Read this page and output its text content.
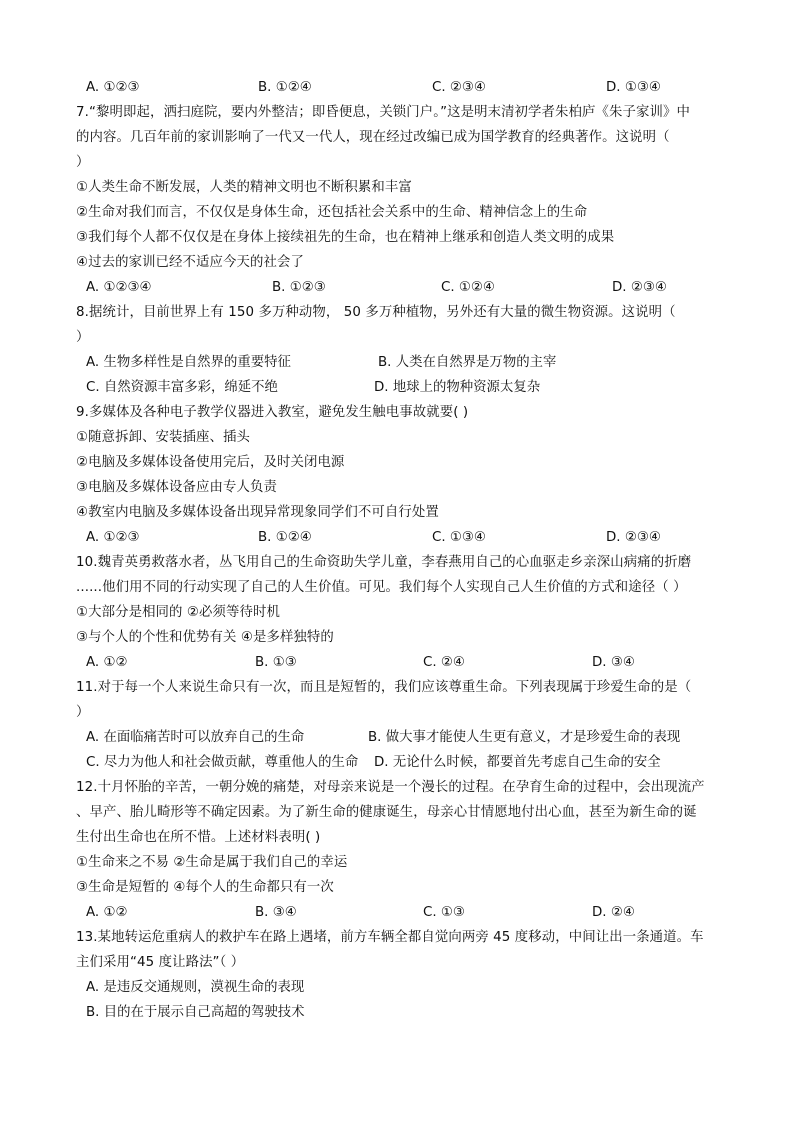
A. ①②③	B. ①②④	C. ②③④	D. ①③④
7.“黎明即起，洒扫庭院，要内外整洁；即昏便息，关锁门户。”这是明末清初学者朱柏庐《朱子家训》中
的内容。几百年前的家训影响了一代又一代人，现在经过改编已成为国学教育的经典著作。这说明（
）
①人类生命不断发展，人类的精神文明也不断积累和丰富
②生命对我们而言，不仅仅是身体生命，还包括社会关系中的生命、精神信念上的生命
③我们每个人都不仅仅是在身体上接续祖先的生命，也在精神上继承和创造人类文明的成果
④过去的家训已经不适应今天的社会了
A. ①②③④	B. ①②③	C. ①②④	D. ②③④
8.据统计，目前世界上有 150 多万种动物， 50 多万种植物，另外还有大量的微生物资源。这说明（
）
A. 生物多样性是自然界的重要特征	B. 人类在自然界是万物的主宰
C. 自然资源丰富多彩，绵延不绝	D. 地球上的物种资源太复杂
9.多媒体及各种电子教学仪器进入教室，避免发生触电事故就要( )
①随意拆卸、安装插座、插头
②电脑及多媒体设备使用完后，及时关闭电源
③电脑及多媒体设备应由专人负责
④教室内电脑及多媒体设备出现异常现象同学们不可自行处置
A. ①②③	B. ①②④	C. ①③④	D. ②③④
10.魏青英勇救落水者，丛飞用自己的生命资助失学儿童，李春燕用自己的心血驱走乡亲深山病痛的折磨
......他们用不同的行动实现了自己的人生价值。可见。我们每个人实现自己人生价值的方式和途径（ ）
①大部分是相同的 ②必须等待时机
③与个人的个性和优势有关 ④是多样独特的
A. ①②	B. ①③	C. ②④	D. ③④
11.对于每一个人来说生命只有一次，而且是短暂的，我们应该尊重生命。下列表现属于珍爱生命的是（
）
A. 在面临痛苦时可以放弃自己的生命	B. 做大事才能使人生更有意义，才是珍爱生命的表现
C. 尽力为他人和社会做贡献，尊重他人的生命 D. 无论什么时候，都要首先考虑自己生命的安全
12.十月怀胎的辛苦，一朝分娩的痛楚，对母亲来说是一个漫长的过程。在孕育生命的过程中，会出现流产
、早产、胎儿畸形等不确定因素。为了新生命的健康诞生，母亲心甘情愿地付出心血，甚至为新生命的诞
生付出生命也在所不惜。上述材料表明( )
①生命来之不易 ②生命是属于我们自己的幸运
③生命是短暂的 ④每个人的生命都只有一次
A. ①②	B. ③④	C. ①③	D. ②④
13.某地转运危重病人的救护车在路上遇堵，前方车辆全都自觉向两旁 45 度移动，中间让出一条通道。车
主们采用“45 度让路法”（ ）
A. 是违反交通规则，漠视生命的表现
B. 目的在于展示自己高超的驾驶技术
